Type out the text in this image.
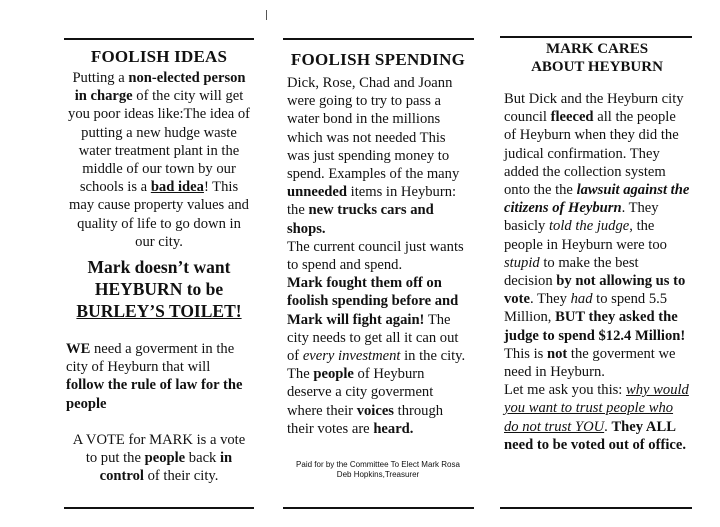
FOOLISH IDEAS

Putting a non-elected person in charge of the city will get you poor ideas like:The idea of putting a new hudge waste water treatment plant in the middle of our town by our schools is a bad idea! This may cause property values and quality of life to go down in our city.

Mark doesn’t want HEYBURN to be
BURLEY’S TOILET!

WE need a goverment in the city of Heyburn that will follow the rule of law for the people

A VOTE for MARK is a vote to put the people back in control of their city.

FOOLISH SPENDING

Dick, Rose, Chad and Joann were going to try to pass a water bond in the millions which was not needed This was just spending money to spend. Examples of the many unneeded items in Heyburn: the new trucks cars and shops.
The current council just wants to spend and spend.
Mark fought them off on foolish spending before and Mark will fight again! The city needs to get all it can out of every investment in the city. The people of Heyburn deserve a city goverment where their voices through their votes are heard.

Paid for by the Committee To Elect Mark Rosa
Deb Hopkins,Treasurer
MARK CARES
ABOUT HEYBURN

But Dick and the Heyburn city council fleeced all the people of Heyburn when they did the judical confirmation. They added the collection system onto the the lawsuit against the citizens of Heyburn. They basicly told the judge, the people in Heyburn were too stupid to make the best decision by not allowing us to vote. They had to spend 5.5 Million, BUT they asked the judge to spend $12.4 Million! This is not the goverment we need in Heyburn.
Let me ask you this: why would you want to trust people who do not trust YOU. They ALL need to be voted out of office.
